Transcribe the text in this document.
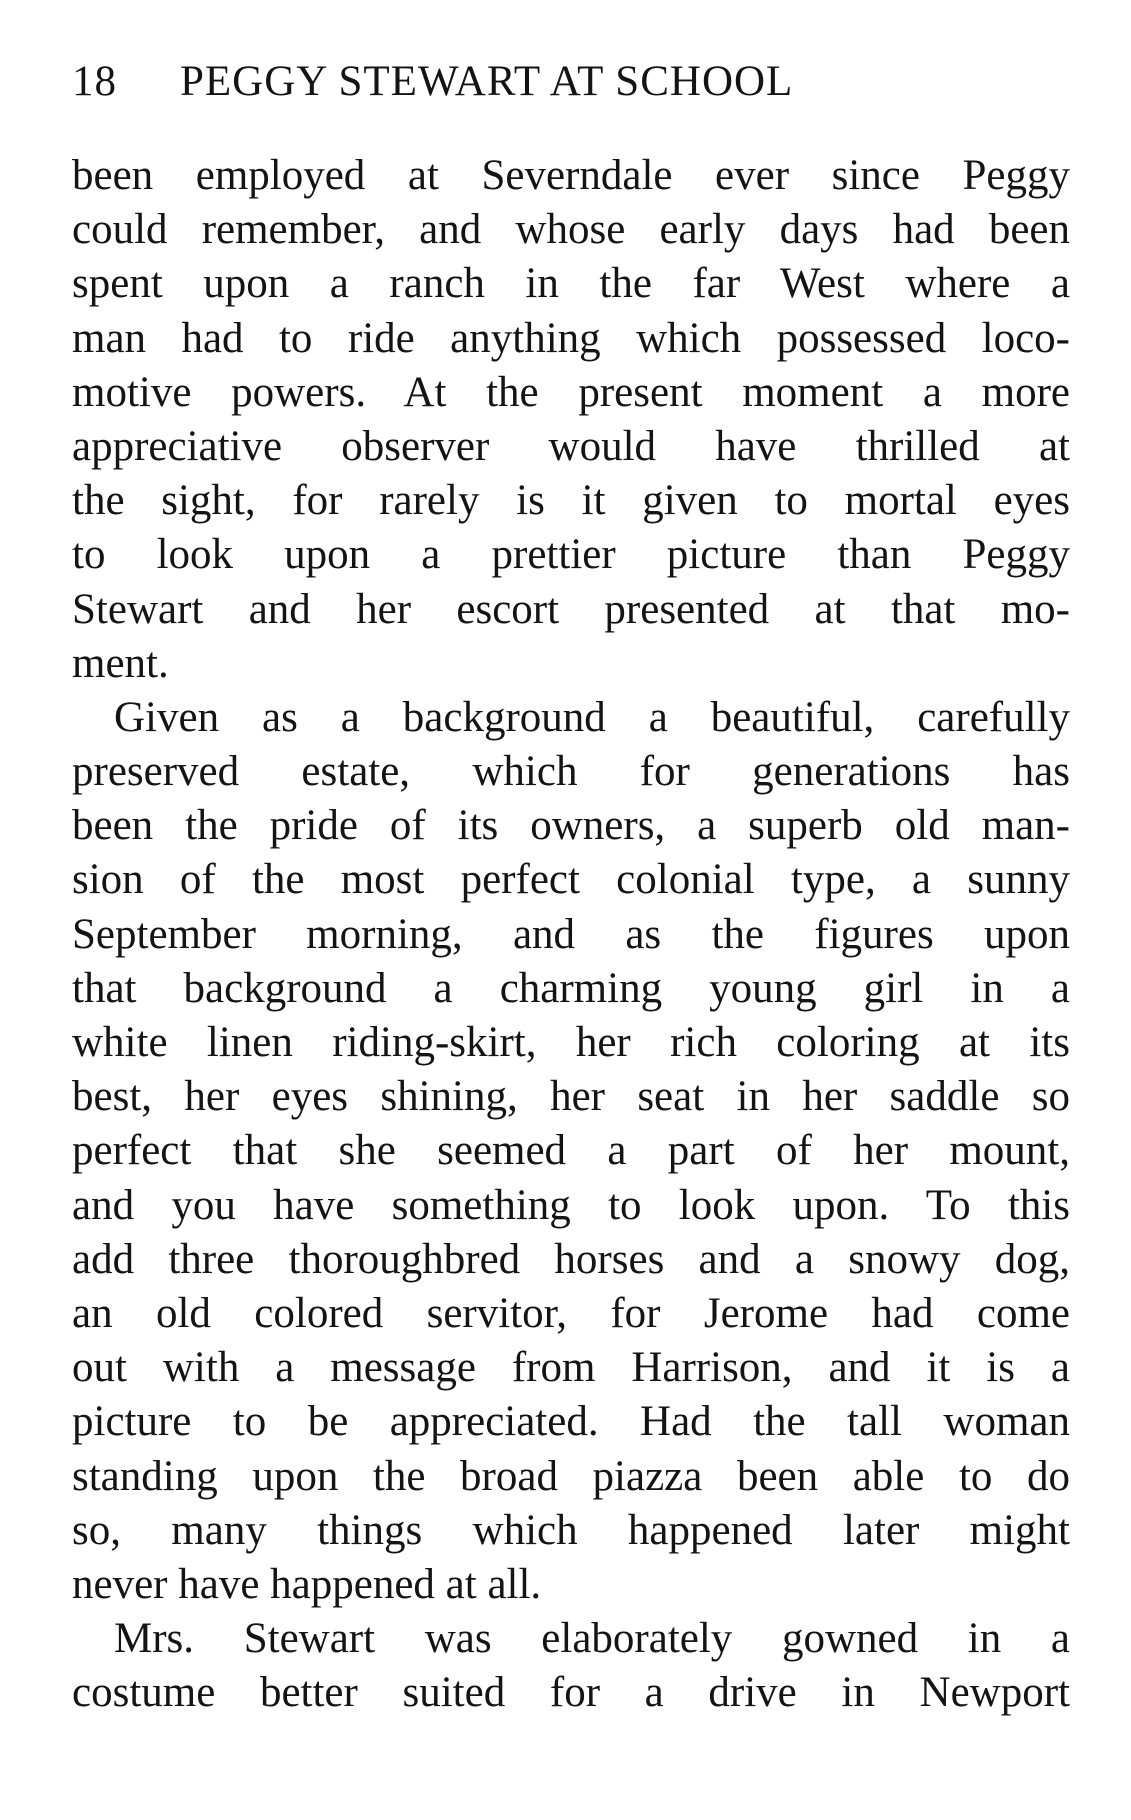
18 PEGGY STEWART AT SCHOOL
been employed at Severndale ever since Peggy
could remember, and whose early days had been
spent upon a ranch in the far West where a
man had to ride anything which possessed loco-
motive powers. At the present moment a more
appreciative observer would have thrilled at
the sight, for rarely is it given to mortal eyes
to look upon a prettier picture than Peggy
Stewart and her escort presented at that mo-
ment.
Given as a background a beautiful, carefully
preserved estate, which for generations has
been the pride of its owners, a superb old man-
sion of the most perfect colonial type, a sunny
September morning, and as the figures upon
that background a charming young girl in a
white linen riding-skirt, her rich coloring at its
best, her eyes shining, her seat in her saddle so
perfect that she seemed a part of her mount,
and you have something to look upon. To this
add three thoroughbred horses and a snowy dog,
an old colored servitor, for Jerome had come
out with a message from Harrison, and it is a
picture to be appreciated. Had the tall woman
standing upon the broad piazza been able to do
so, many things which happened later might
never have happened at all.
Mrs. Stewart was elaborately gowned in a
costume better suited for a drive in Newport
